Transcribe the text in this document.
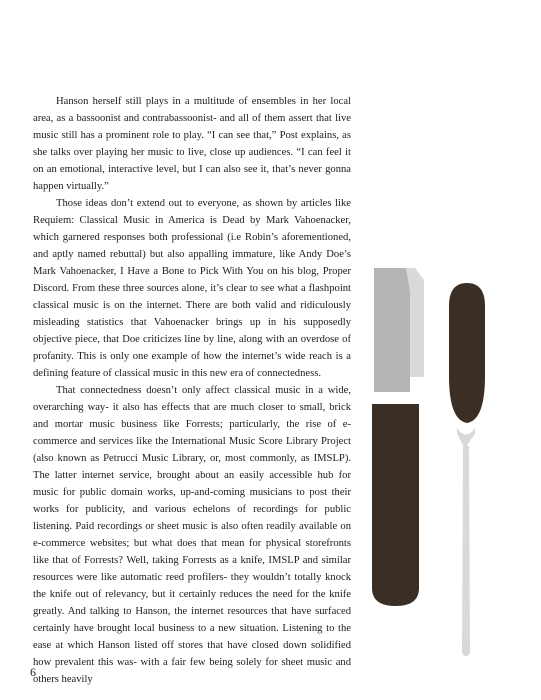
Hanson herself still plays in a multitude of ensembles in her local area, as a bassoonist and contrabassoonist- and all of them assert that live music still has a prominent role to play. “I can see that,” Post explains, as she talks over playing her music to live, close up audiences. “I can feel it on an emotional, interactive level, but I can also see it, that’s never gonna happen virtually.”

Those ideas don’t extend out to everyone, as shown by articles like Requiem: Classical Music in America is Dead by Mark Vahoenacker, which garnered responses both professional (i.e Robin’s aforementioned, and aptly named rebuttal) but also appalling immature, like Andy Doe’s Mark Vahoenacker, I Have a Bone to Pick With You on his blog, Proper Discord. From these three sources alone, it’s clear to see what a flashpoint classical music is on the internet. There are both valid and ridiculously misleading statistics that Vahoenacker brings up in his supposedly objective piece, that Doe criticizes line by line, along with an overdose of profanity. This is only one example of how the internet’s wide reach is a defining feature of classical music in this new era of connectedness.

That connectedness doesn’t only affect classical music in a wide, overarching way- it also has effects that are much closer to small, brick and mortar music business like Forrests; particularly, the rise of e-commerce and services like the International Music Score Library Project (also known as Petrucci Music Library, or, most commonly, as IMSLP). The latter internet service, brought about an easily accessible hub for music for public domain works, up-and-coming musicians to post their works for publicity, and various echelons of recordings for public listening. Paid recordings or sheet music is also often readily available on e-commerce websites; but what does that mean for physical storefronts like that of Forrests? Well, taking Forrests as a knife, IMSLP and similar resources were like automatic reed profilers- they wouldn’t totally knock the knife out of relevancy, but it certainly reduces the need for the knife greatly. And talking to Hanson, the internet resources that have surfaced certainly have brought local business to a new situation. Listening to the ease at which Hanson listed off stores that have closed down solidified how prevalent this was- with a fair few being solely for sheet music and others heavily

6
